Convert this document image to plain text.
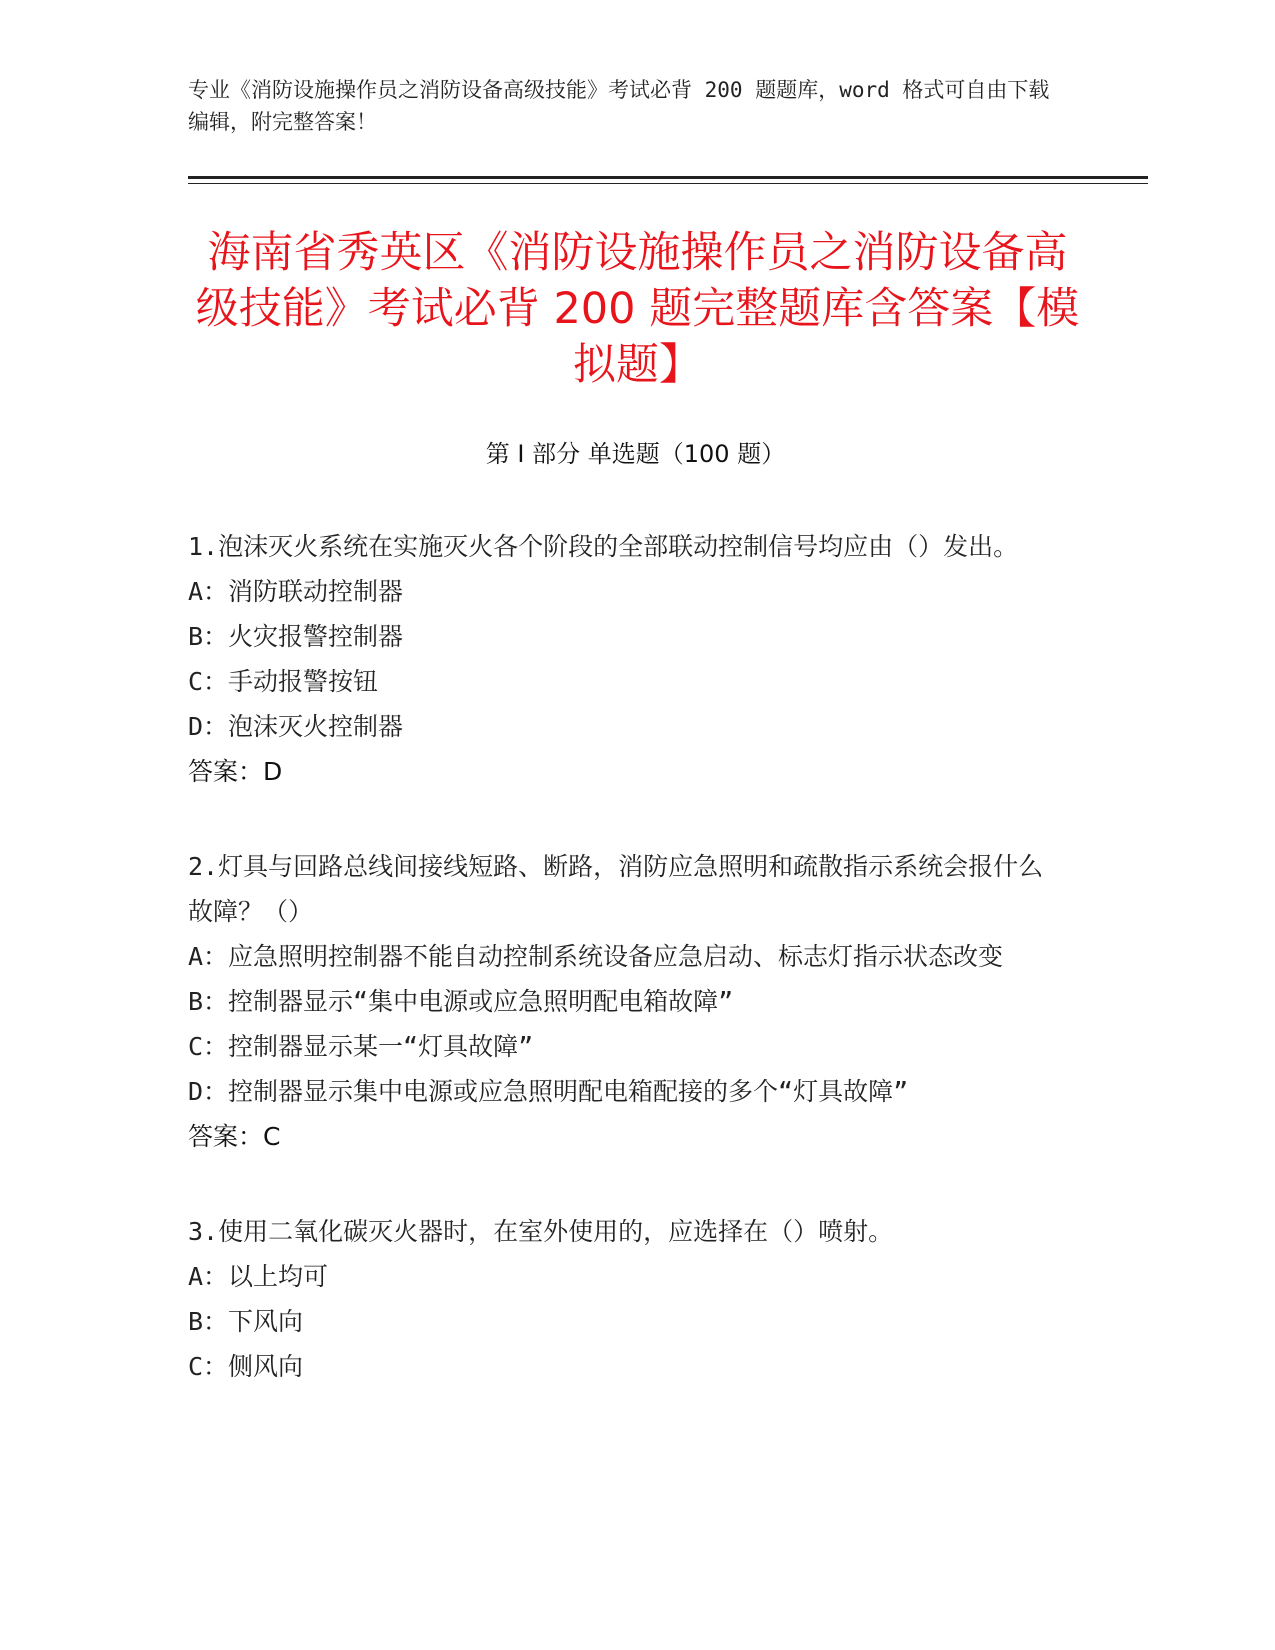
专业《消防设施操作员之消防设备高级技能》考试必背 200 题题库，word 格式可自由下载编辑，附完整答案！
海南省秀英区《消防设施操作员之消防设备高级技能》考试必背 200 题完整题库含答案【模拟题】
第 I 部分 单选题（100 题）

1.泡沫灭火系统在实施灭火各个阶段的全部联动控制信号均应由（）发出。

A：消防联动控制器

B：火灾报警控制器

C：手动报警按钮

D：泡沫灭火控制器

答案：D

2.灯具与回路总线间接线短路、断路，消防应急照明和疏散指示系统会报什么故障？（）

A：应急照明控制器不能自动控制系统设备应急启动、标志灯指示状态改变

B：控制器显示“集中电源或应急照明配电箱故障”

C：控制器显示某一“灯具故障”

D：控制器显示集中电源或应急照明配电箱配接的多个“灯具故障”

答案：C

3.使用二氧化碳灭火器时，在室外使用的，应选择在（）喷射。

A：以上均可

B：下风向

C：侧风向
